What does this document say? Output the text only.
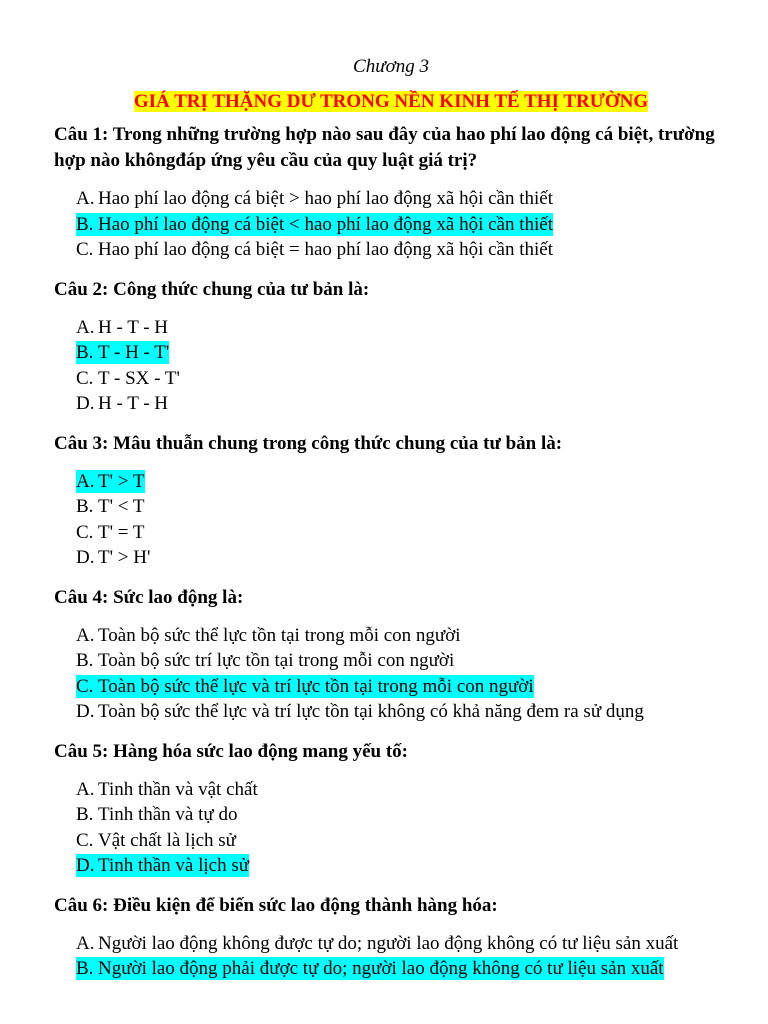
Chương 3
GIÁ TRỊ THẶNG DƯ TRONG NỀN KINH TẾ THỊ TRƯỜNG
Câu 1: Trong những trường hợp nào sau đây của hao phí lao động cá biệt, trường hợp nào khôngđáp ứng yêu cầu của quy luật giá trị?
A. Hao phí lao động cá biệt > hao phí lao động xã hội cần thiết
B. Hao phí lao động cá biệt < hao phí lao động xã hội cần thiết
C. Hao phí lao động cá biệt = hao phí lao động xã hội cần thiết
Câu 2: Công thức chung của tư bản là:
A. H - T - H
B. T - H - T'
C. T - SX - T'
D. H - T - H
Câu 3: Mâu thuẫn chung trong công thức chung của tư bản là:
A. T' > T
B. T' < T
C. T' = T
D. T' > H'
Câu 4: Sức lao động là:
A. Toàn bộ sức thể lực tồn tại trong mỗi con người
B. Toàn bộ sức trí lực tồn tại trong mỗi con người
C. Toàn bộ sức thể lực và trí lực tồn tại trong mỗi con người
D. Toàn bộ sức thể lực và trí lực tồn tại không có khả năng đem ra sử dụng
Câu 5: Hàng hóa sức lao động mang yếu tố:
A. Tinh thần và vật chất
B. Tinh thần và tự do
C. Vật chất là lịch sử
D. Tinh thần và lịch sử
Câu 6: Điều kiện để biến sức lao động thành hàng hóa:
A. Người lao động không được tự do; người lao động không có tư liệu sản xuất
B. Người lao động phải được tự do; người lao động không có tư liệu sản xuất
